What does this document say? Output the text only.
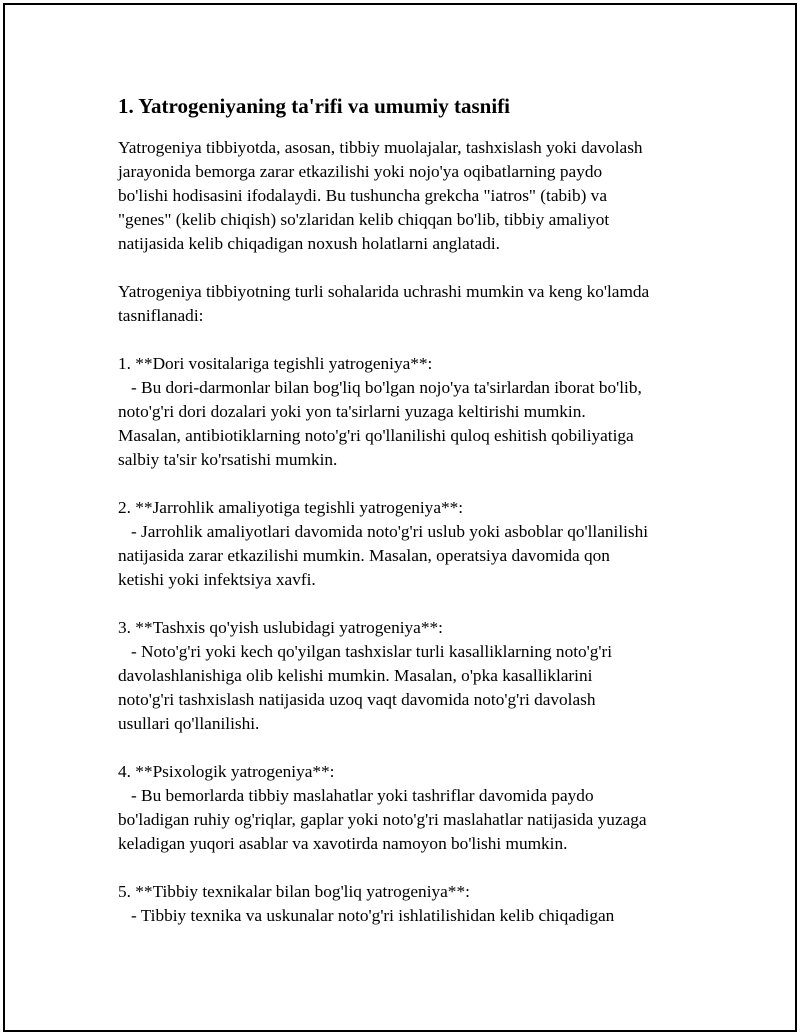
1. Yatrogeniyaning ta'rifi va umumiy tasnifi
Yatrogeniya tibbiyotda, asosan, tibbiy muolajalar, tashxislash yoki davolash
jarayonida bemorga zarar etkazilishi yoki nojo'ya oqibatlarning paydo
bo'lishi hodisasini ifodalaydi. Bu tushuncha grekcha "iatros" (tabib) va
"genes" (kelib chiqish) so'zlaridan kelib chiqqan bo'lib, tibbiy amaliyot
natijasida kelib chiqadigan noxush holatlarni anglatadi.
Yatrogeniya tibbiyotning turli sohalarida uchrashi mumkin va keng ko'lamda
tasniflanadi:
1. **Dori vositalariga tegishli yatrogeniya**:
- Bu dori-darmonlar bilan bog'liq bo'lgan nojo'ya ta'sirlardan iborat bo'lib,
noto'g'ri dori dozalari yoki yon ta'sirlarni yuzaga keltirishi mumkin.
Masalan, antibiotiklarning noto'g'ri qo'llanilishi quloq eshitish qobiliyatiga
salbiy ta'sir ko'rsatishi mumkin.
2. **Jarrohlik amaliyotiga tegishli yatrogeniya**:
- Jarrohlik amaliyotlari davomida noto'g'ri uslub yoki asboblar qo'llanilishi
natijasida zarar etkazilishi mumkin. Masalan, operatsiya davomida qon
ketishi yoki infektsiya xavfi.
3. **Tashxis qo'yish uslubidagi yatrogeniya**:
- Noto'g'ri yoki kech qo'yilgan tashxislar turli kasalliklarning noto'g'ri
davolashlanishiga olib kelishi mumkin. Masalan, o'pka kasalliklarini
noto'g'ri tashxislash natijasida uzoq vaqt davomida noto'g'ri davolash
usullari qo'llanilishi.
4. **Psixologik yatrogeniya**:
- Bu bemorlarda tibbiy maslahatlar yoki tashriflar davomida paydo
bo'ladigan ruhiy og'riqlar, gaplar yoki noto'g'ri maslahatlar natijasida yuzaga
keladigan yuqori asablar va xavotirda namoyon bo'lishi mumkin.
5. **Tibbiy texnikalar bilan bog'liq yatrogeniya**:
- Tibbiy texnika va uskunalar noto'g'ri ishlatilishidan kelib chiqadigan
